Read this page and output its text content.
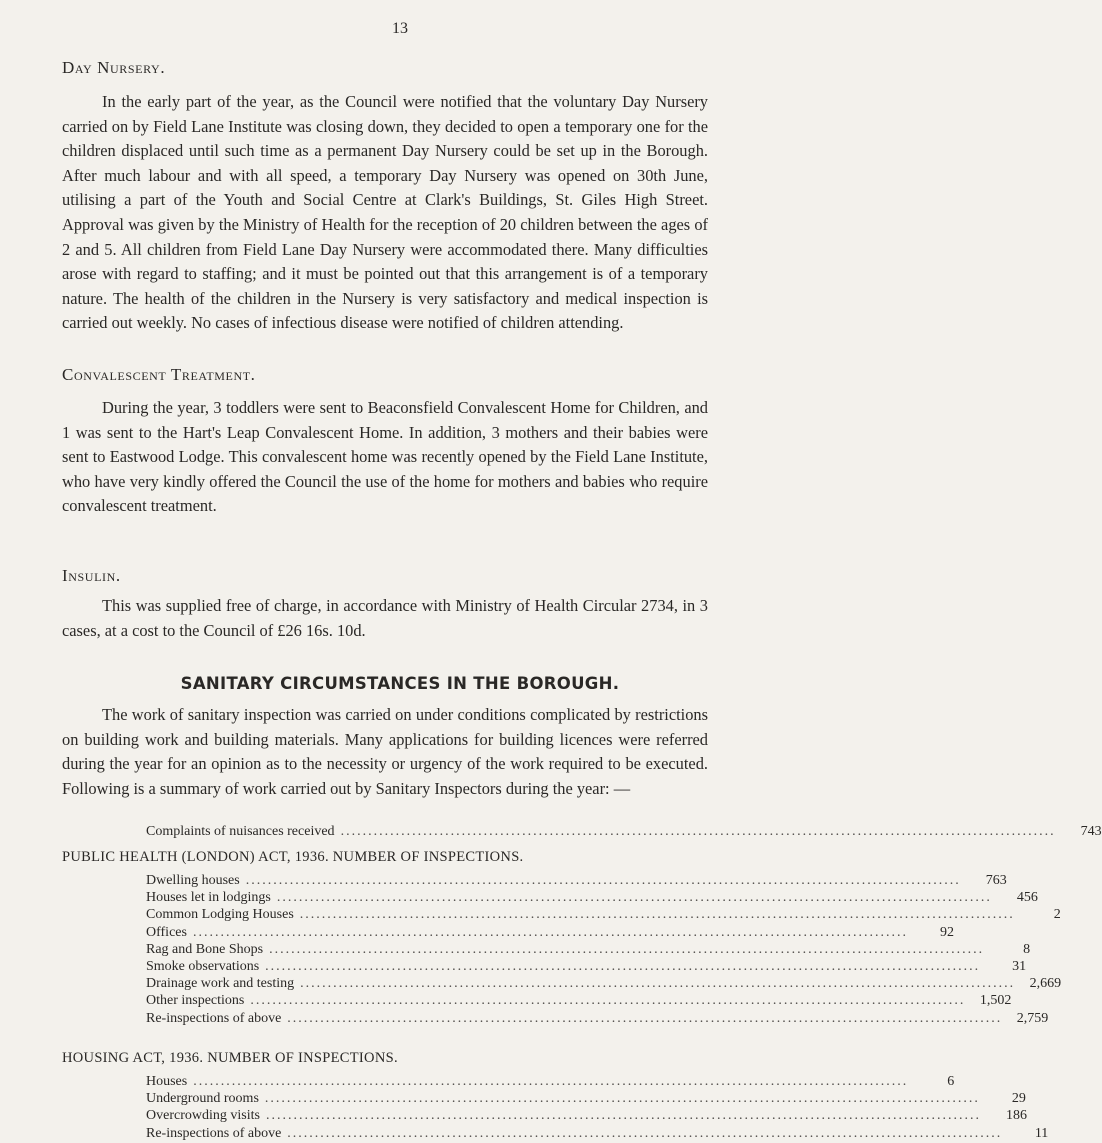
13
Day Nursery.

In the early part of the year, as the Council were notified that the voluntary Day Nursery carried on by Field Lane Institute was closing down, they decided to open a temporary one for the children displaced until such time as a permanent Day Nursery could be set up in the Borough. After much labour and with all speed, a temporary Day Nursery was opened on 30th June, utilising a part of the Youth and Social Centre at Clark's Buildings, St. Giles High Street. Approval was given by the Ministry of Health for the reception of 20 children between the ages of 2 and 5. All children from Field Lane Day Nursery were accommodated there. Many difficulties arose with regard to staffing; and it must be pointed out that this arrangement is of a temporary nature. The health of the children in the Nursery is very satisfactory and medical inspection is carried out weekly. No cases of infectious disease were notified of children attending.

Convalescent Treatment.

During the year, 3 toddlers were sent to Beaconsfield Convalescent Home for Children, and 1 was sent to the Hart's Leap Convalescent Home. In addition, 3 mothers and their babies were sent to Eastwood Lodge. This convalescent home was recently opened by the Field Lane Institute, who have very kindly offered the Council the use of the home for mothers and babies who require convalescent treatment.

Insulin.

This was supplied free of charge, in accordance with Ministry of Health Circular 2734, in 3 cases, at a cost to the Council of £26 16s. 10d.

SANITARY CIRCUMSTANCES IN THE BOROUGH.

The work of sanitary inspection was carried on under conditions complicated by restrictions on building work and building materials. Many applications for building licences were referred during the year for an opinion as to the necessity or urgency of the work required to be executed. Following is a summary of work carried out by Sanitary Inspectors during the year: —

Complaints of nuisances received ..................................................................................................................................	743
PUBLIC HEALTH (LONDON) ACT, 1936. NUMBER OF INSPECTIONS.
Dwelling houses ..................................................................................................................................	763
Houses let in lodgings ..................................................................................................................................	456
Common Lodging Houses ..................................................................................................................................	2
Offices ..................................................................................................................................	92
Rag and Bone Shops ..................................................................................................................................	8
Smoke observations ..................................................................................................................................	31
Drainage work and testing ..................................................................................................................................	2,669
Other inspections ..................................................................................................................................	1,502
Re-inspections of above ..................................................................................................................................	2,759
HOUSING ACT, 1936. NUMBER OF INSPECTIONS.
Houses ..................................................................................................................................	6
Underground rooms ..................................................................................................................................	29
Overcrowding visits ..................................................................................................................................	186
Re-inspections of above ..................................................................................................................................	11
